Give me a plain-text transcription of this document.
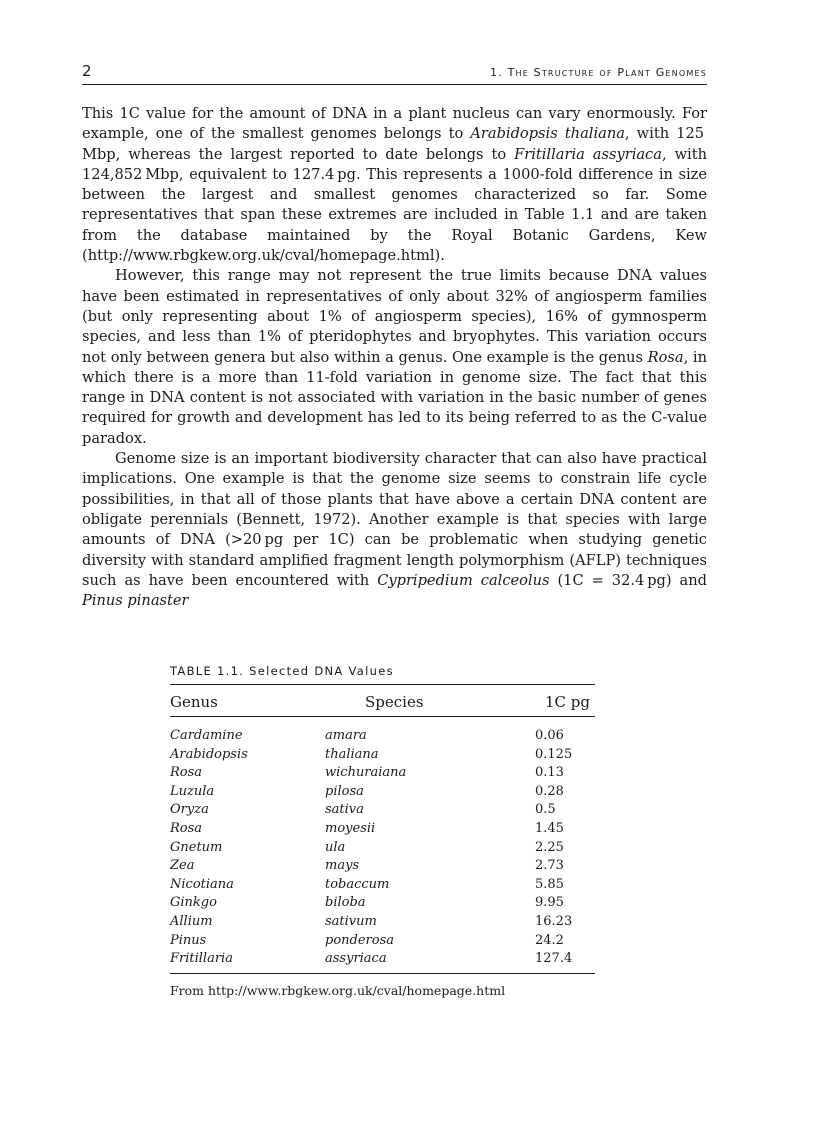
2	1. The Structure of Plant Genomes

This 1C value for the amount of DNA in a plant nucleus can vary enormously. For example, one of the smallest genomes belongs to Arabidopsis thaliana, with 125 Mbp, whereas the largest reported to date belongs to Fritillaria assyriaca, with 124,852 Mbp, equivalent to 127.4 pg. This represents a 1000-fold difference in size between the largest and smallest genomes characterized so far. Some representatives that span these extremes are included in Table 1.1 and are taken from the database maintained by the Royal Botanic Gardens, Kew (http://www.rbgkew.org.uk/cval/homepage.html).

However, this range may not represent the true limits because DNA values have been estimated in representatives of only about 32% of angiosperm families (but only representing about 1% of angiosperm species), 16% of gymnosperm species, and less than 1% of pteridophytes and bryophytes. This variation occurs not only between genera but also within a genus. One example is the genus Rosa, in which there is a more than 11-fold variation in genome size. The fact that this range in DNA content is not associated with variation in the basic number of genes required for growth and development has led to its being referred to as the C-value paradox.

Genome size is an important biodiversity character that can also have practical implications. One example is that the genome size seems to constrain life cycle possibilities, in that all of those plants that have above a certain DNA content are obligate perennials (Bennett, 1972). Another example is that species with large amounts of DNA (>20 pg per 1C) can be problematic when studying genetic diversity with standard amplified fragment length polymorphism (AFLP) techniques such as have been encountered with Cypripedium calceolus (1C = 32.4 pg) and Pinus pinaster

TABLE 1.1. Selected DNA Values
Genus	Species	1C pg
Cardamine	amara	0.06
Arabidopsis	thaliana	0.125
Rosa	wichuraiana	0.13
Luzula	pilosa	0.28
Oryza	sativa	0.5
Rosa	moyesii	1.45
Gnetum	ula	2.25
Zea	mays	2.73
Nicotiana	tobaccum	5.85
Ginkgo	biloba	9.95
Allium	sativum	16.23
Pinus	ponderosa	24.2
Fritillaria	assyriaca	127.4
From http://www.rbgkew.org.uk/cval/homepage.html
